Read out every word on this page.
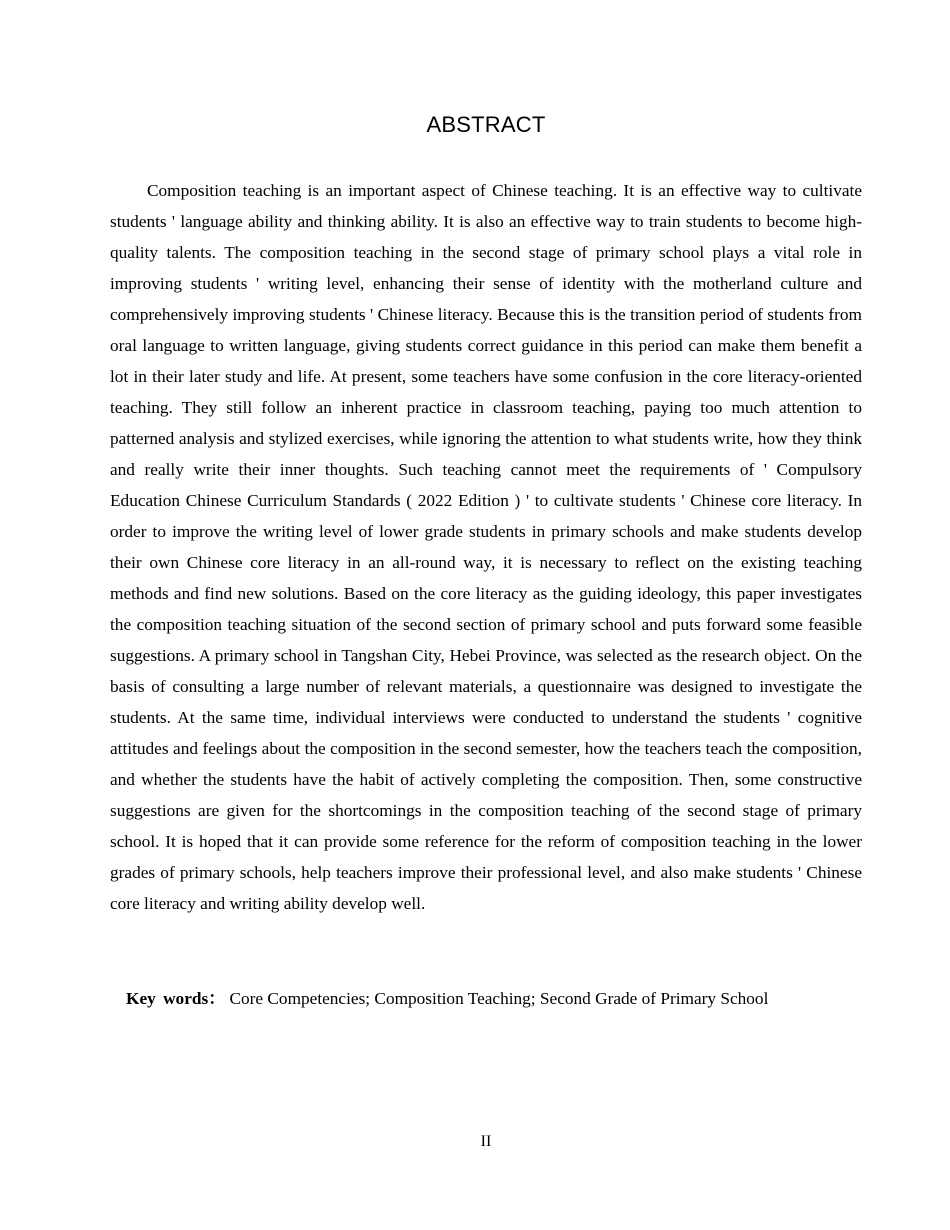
ABSTRACT

Composition teaching is an important aspect of Chinese teaching. It is an effective way to cultivate students ' language ability and thinking ability. It is also an effective way to train students to become high-quality talents. The composition teaching in the second stage of primary school plays a vital role in improving students ' writing level, enhancing their sense of identity with the motherland culture and comprehensively improving students ' Chinese literacy. Because this is the transition period of students from oral language to written language, giving students correct guidance in this period can make them benefit a lot in their later study and life. At present, some teachers have some confusion in the core literacy-oriented teaching. They still follow an inherent practice in classroom teaching, paying too much attention to patterned analysis and stylized exercises, while ignoring the attention to what students write, how they think and really write their inner thoughts. Such teaching cannot meet the requirements of ' Compulsory Education Chinese Curriculum Standards ( 2022 Edition ) ' to cultivate students ' Chinese core literacy. In order to improve the writing level of lower grade students in primary schools and make students develop their own Chinese core literacy in an all-round way, it is necessary to reflect on the existing teaching methods and find new solutions. Based on the core literacy as the guiding ideology, this paper investigates the composition teaching situation of the second section of primary school and puts forward some feasible suggestions. A primary school in Tangshan City, Hebei Province, was selected as the research object. On the basis of consulting a large number of relevant materials, a questionnaire was designed to investigate the students. At the same time, individual interviews were conducted to understand the students ' cognitive attitudes and feelings about the composition in the second semester, how the teachers teach the composition, and whether the students have the habit of actively completing the composition. Then, some constructive suggestions are given for the shortcomings in the composition teaching of the second stage of primary school. It is hoped that it can provide some reference for the reform of composition teaching in the lower grades of primary schools, help teachers improve their professional level, and also make students ' Chinese core literacy and writing ability develop well.

Key words： Core Competencies; Composition Teaching; Second Grade of Primary School

II
